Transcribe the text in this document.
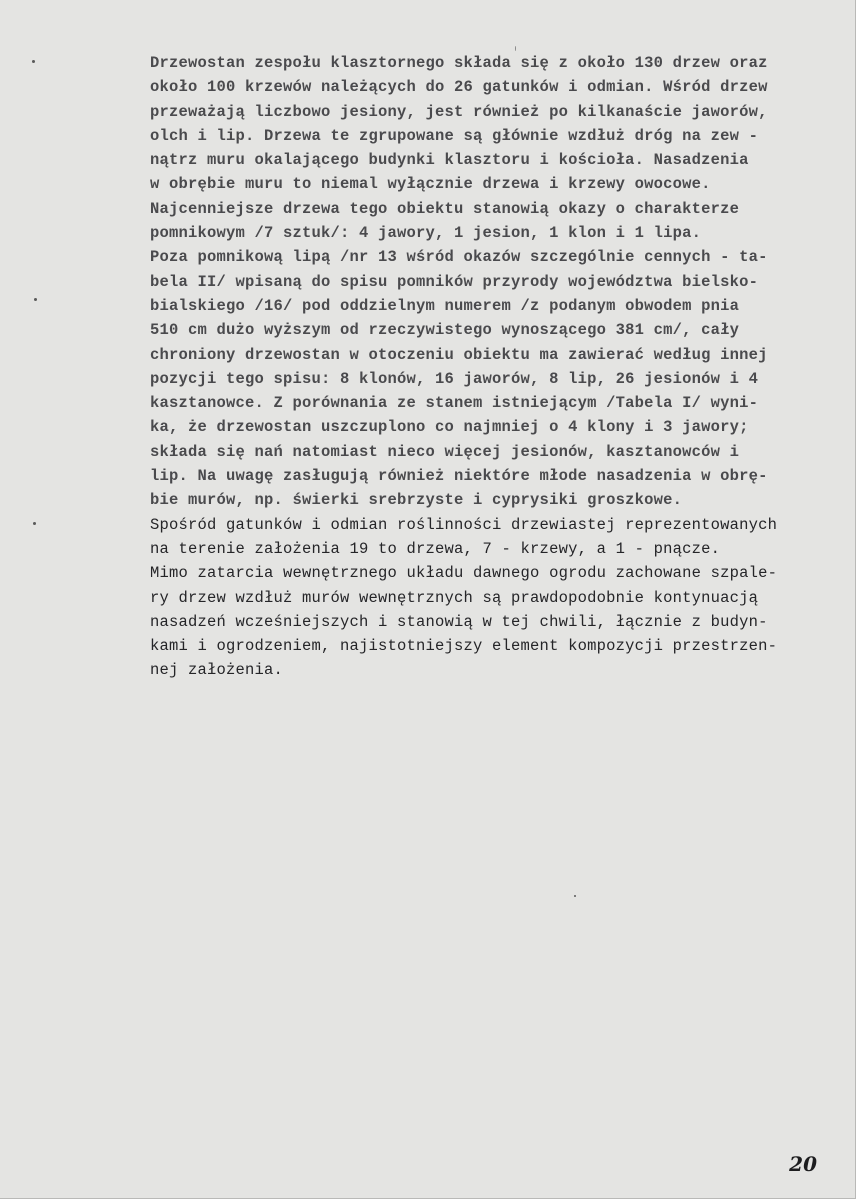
Drzewostan zespołu klasztornego składa się z około 130 drzew oraz
około 100 krzewów należących do 26 gatunków i odmian. Wśród drzew
przeważają liczbowo jesiony, jest również po kilkanaście jaworów,
olch i lip. Drzewa te zgrupowane są głównie wzdłuż dróg na zew -
nątrz muru okalającego budynki klasztoru i kościoła. Nasadzenia
w obrębie muru to niemal wyłącznie drzewa i krzewy owocowe.
Najcenniejsze drzewa tego obiektu stanowią okazy o charakterze
pomnikowym /7 sztuk/: 4 jawory, 1 jesion, 1 klon i 1 lipa.
Poza pomnikową lipą /nr 13 wśród okazów szczególnie cennych - ta-
bela II/ wpisaną do spisu pomników przyrody województwa bielsko-
bialskiego /16/ pod oddzielnym numerem /z podanym obwodem pnia
510 cm dużo wyższym od rzeczywistego wynoszącego 381 cm/, cały
chroniony drzewostan w otoczeniu obiektu ma zawierać według innej
pozycji tego spisu: 8 klonów, 16 jaworów, 8 lip, 26 jesionów i 4
kasztanowce. Z porównania ze stanem istniejącym /Tabela I/ wyni-
ka, że drzewostan uszczuplono co najmniej o 4 klony i 3 jawory;
składa się nań natomiast nieco więcej jesionów, kasztanowców i
lip. Na uwagę zasługują również niektóre młode nasadzenia w obrę-
bie murów, np. świerki srebrzyste i cyprysiki groszkowe.
Spośród gatunków i odmian roślinności drzewiastej reprezentowanych
na terenie założenia 19 to drzewa, 7 - krzewy, a 1 - pnącze.
Mimo zatarcia wewnętrznego układu dawnego ogrodu zachowane szpale-
ry drzew wzdłuż murów wewnętrznych są prawdopodobnie kontynuacją
nasadzeń wcześniejszych i stanowią w tej chwili, łącznie z budyn-
kami i ogrodzeniem, najistotniejszy element kompozycji przestrzen-
nej założenia.
20
